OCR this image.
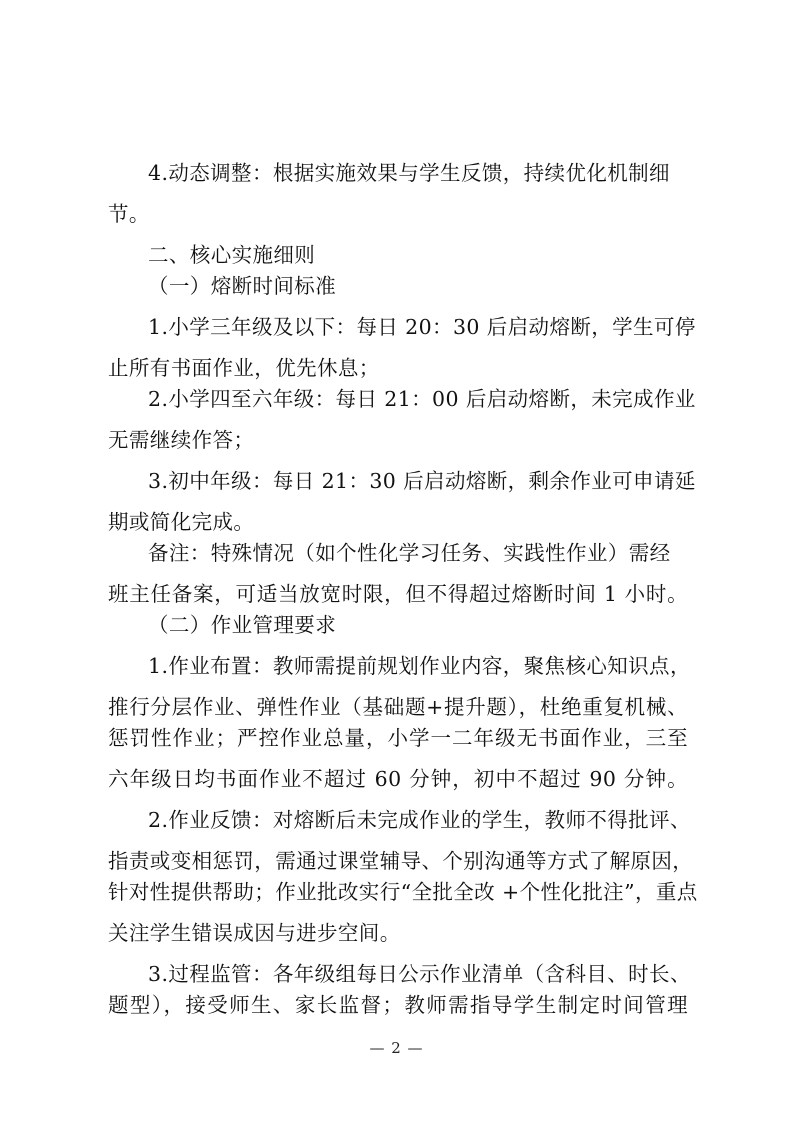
4.动态调整：根据实施效果与学生反馈，持续优化机制细
节。
二、核心实施细则
（一）熔断时间标准
1.小学三年级及以下：每日 20：30 后启动熔断，学生可停
止所有书面作业，优先休息；
2.小学四至六年级：每日 21：00 后启动熔断，未完成作业
无需继续作答；
3.初中年级：每日 21：30 后启动熔断，剩余作业可申请延
期或简化完成。
备注：特殊情况（如个性化学习任务、实践性作业）需经
班主任备案，可适当放宽时限，但不得超过熔断时间 1 小时。
（二）作业管理要求
1.作业布置：教师需提前规划作业内容，聚焦核心知识点，
推行分层作业、弹性作业（基础题+提升题），杜绝重复机械、
惩罚性作业；严控作业总量，小学一二年级无书面作业，三至
六年级日均书面作业不超过 60 分钟，初中不超过 90 分钟。
2.作业反馈：对熔断后未完成作业的学生，教师不得批评、
指责或变相惩罚，需通过课堂辅导、个别沟通等方式了解原因，
针对性提供帮助；作业批改实行“全批全改 +个性化批注”，重点
关注学生错误成因与进步空间。
3.过程监管：各年级组每日公示作业清单（含科目、时长、
题型），接受师生、家长监督；教师需指导学生制定时间管理
— 2 —
